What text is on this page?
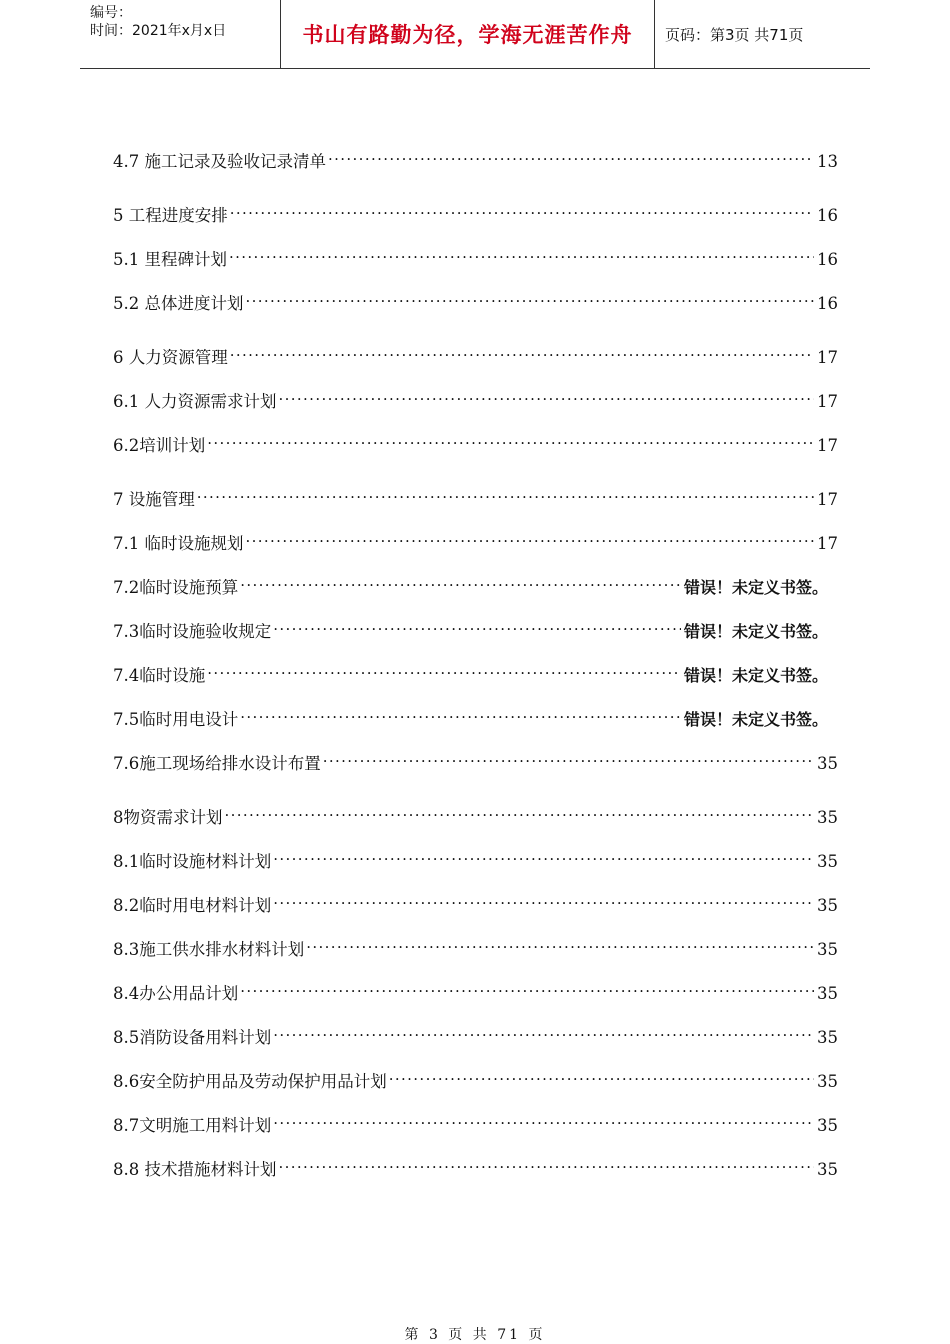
编号：
时间：2021年x月x日	书山有路勤为径，学海无涯苦作舟 页码：第3页 共71页
4.7 施工记录及验收记录清单 . . .	13
5 工程进度安排 . . .	16
5.1 里程碑计划 . . .	16
5.2 总体进度计划 . . .	16
6 人力资源管理 . . .	17
6.1 人力资源需求计划 . . .	17
6.2培训计划 . . .	17
7 设施管理 . . .	17
7.1 临时设施规划 . . .	17
7.2临时设施预算 . . .	错误！未定义书签。
7.3临时设施验收规定 . . .	错误！未定义书签。
7.4临时设施 . . .	错误！未定义书签。
7.5临时用电设计 . . .	错误！未定义书签。
7.6施工现场给排水设计布置 . . .	35
8物资需求计划 . . .	35
8.1临时设施材料计划 . . .	35
8.2临时用电材料计划 . . .	35
8.3施工供水排水材料计划 . . .	35
8.4办公用品计划 . . .	35
8.5消防设备用料计划 . . .	35
8.6安全防护用品及劳动保护用品计划 . . .	35
8.7文明施工用料计划 . . .	35
8.8 技术措施材料计划 . . .	35
第 3 页 共 71 页
